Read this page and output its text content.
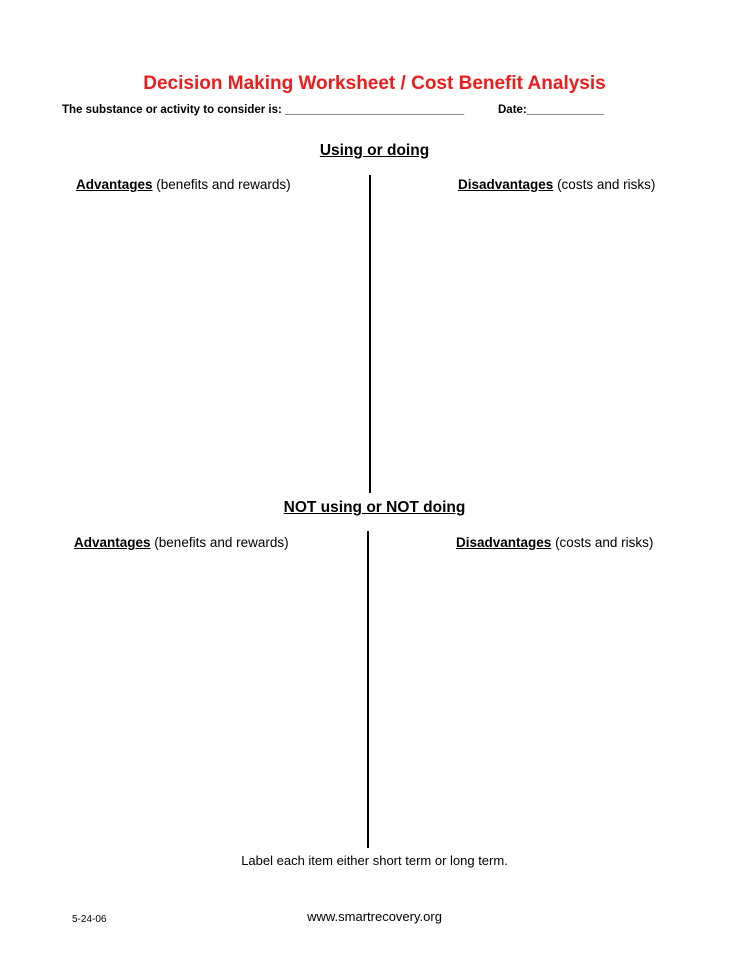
Decision Making Worksheet / Cost Benefit Analysis
The substance or activity to consider is: ____________________________	Date:____________
Using or doing
Advantages (benefits and rewards)	Disadvantages (costs and risks)
NOT using or NOT doing
Advantages (benefits and rewards)	Disadvantages (costs and risks)
Label each item either short term or long term.
5-24-06	www.smartrecovery.org
